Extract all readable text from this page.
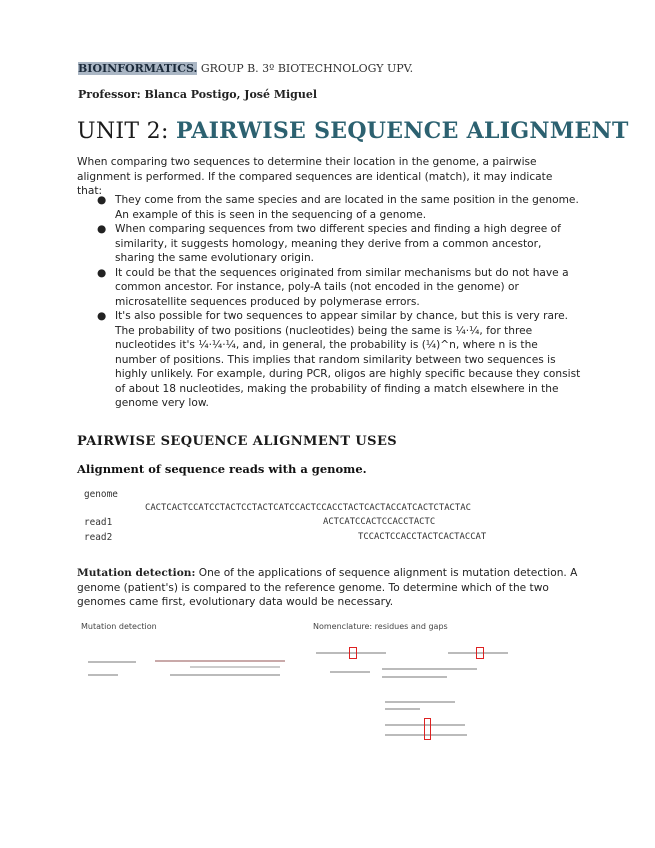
BIOINFORMATICS. GROUP B. 3º BIOTECHNOLOGY UPV.
Professor: Blanca Postigo, José Miguel
UNIT 2: PAIRWISE SEQUENCE ALIGNMENT
When comparing two sequences to determine their location in the genome, a pairwise alignment is performed. If the compared sequences are identical (match), it may indicate that:
● They come from the same species and are located in the same position in the genome. An example of this is seen in the sequencing of a genome.
● When comparing sequences from two different species and finding a high degree of similarity, it suggests homology, meaning they derive from a common ancestor, sharing the same evolutionary origin.
● It could be that the sequences originated from similar mechanisms but do not have a common ancestor. For instance, poly-A tails (not encoded in the genome) or microsatellite sequences produced by polymerase errors.
● It's also possible for two sequences to appear similar by chance, but this is very rare. The probability of two positions (nucleotides) being the same is ¼·¼, for three nucleotides it's ¼·¼·¼, and, in general, the probability is (¼)^n, where n is the number of positions. This implies that random similarity between two sequences is highly unlikely. For example, during PCR, oligos are highly specific because they consist of about 18 nucleotides, making the probability of finding a match elsewhere in the genome very low.
PAIRWISE SEQUENCE ALIGNMENT USES
Alignment of sequence reads with a genome.
genome
CACTCACTCCATCCTACTCCTACTCATCCACTCCACCTACTCACTACCATCACTCTACTAC
read1	ACTCATCCACTCCACCTACTC
read2	TCCACTCCACCTACTCACTACCAT
Mutation detection: One of the applications of sequence alignment is mutation detection. A genome (patient's) is compared to the reference genome. To determine which of the two genomes came first, evolutionary data would be necessary.
Mutation detection	Nomenclature: residues and gaps
